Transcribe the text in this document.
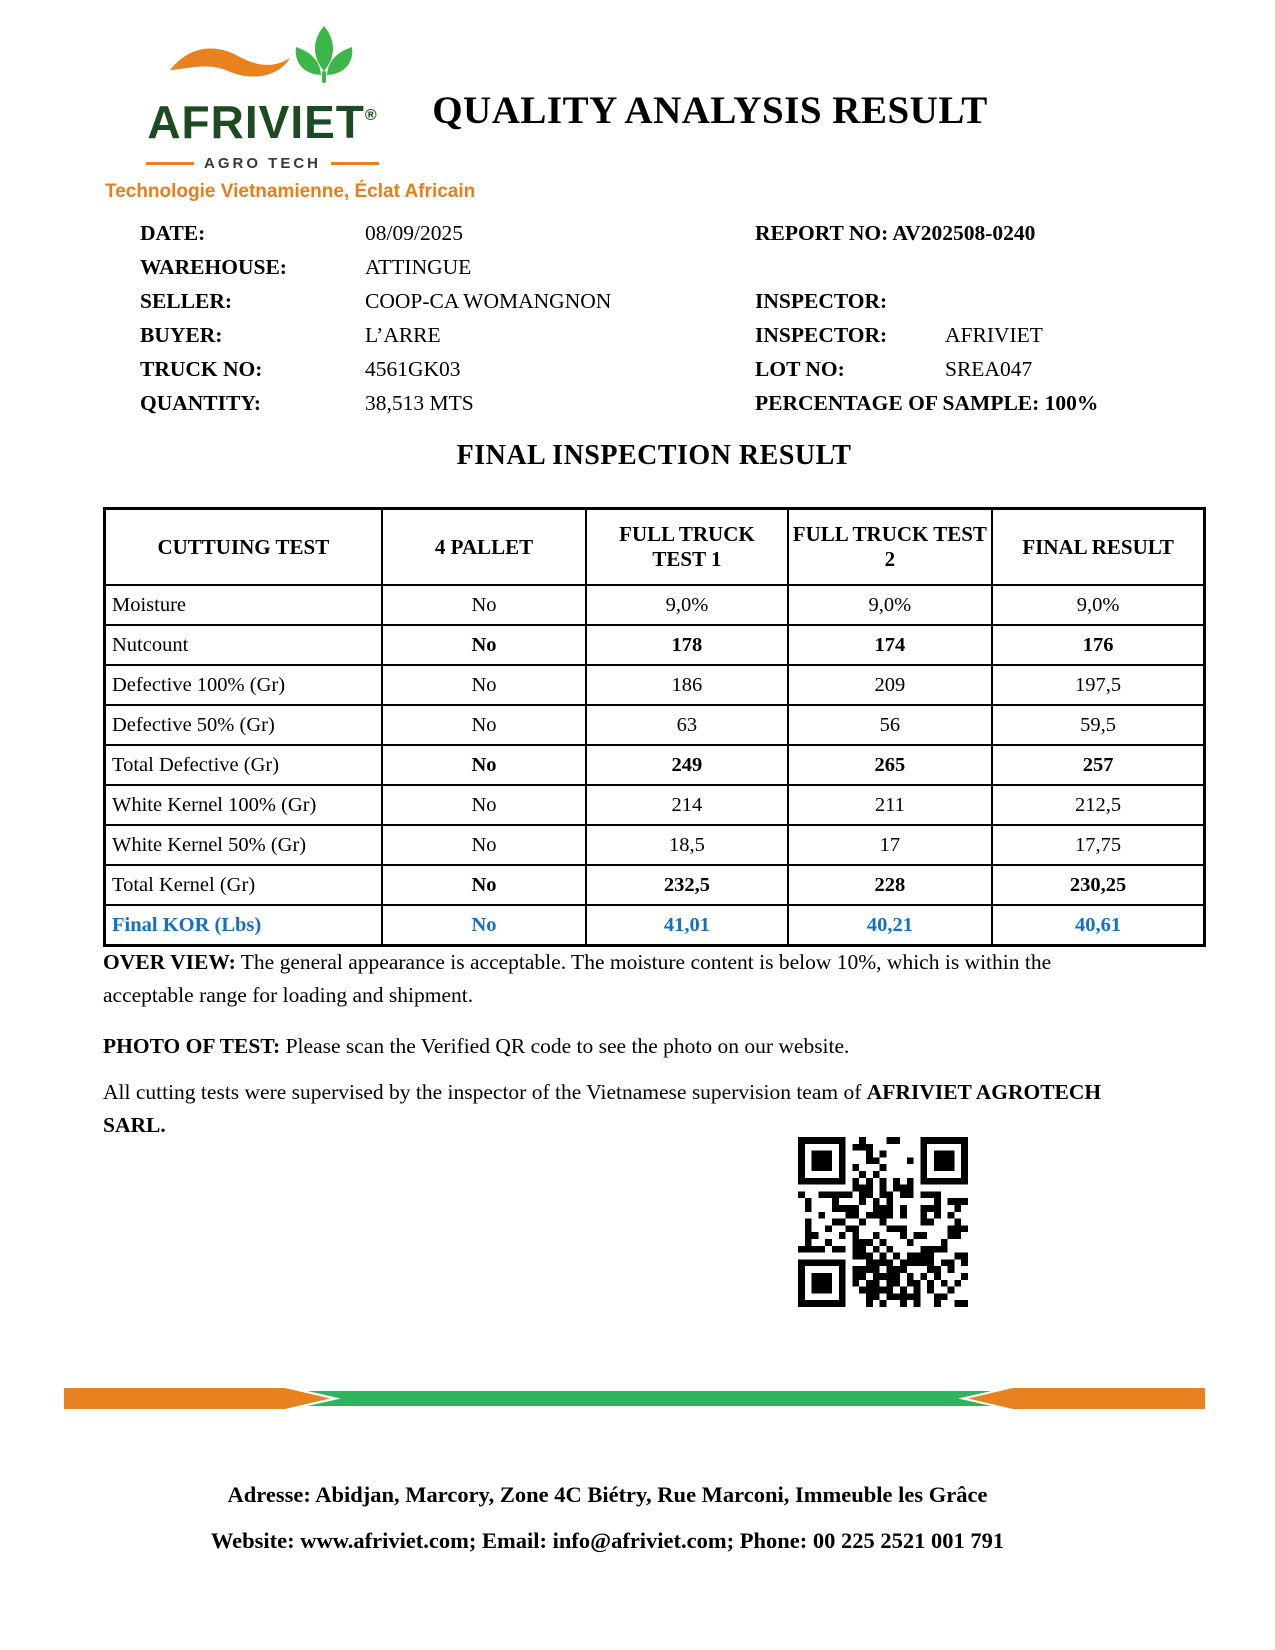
AFRIVIET®
AGRO TECH
Technologie Vietnamienne, Éclat Africain
QUALITY ANALYSIS RESULT
DATE:	08/09/2025
WAREHOUSE:	ATTINGUE
SELLER:	COOP-CA WOMANGNON
BUYER:	L’ARRE
TRUCK NO:	4561GK03
QUANTITY:	38,513 MTS
REPORT NO: AV202508-0240
INSPECTOR:
INSPECTOR:	AFRIVIET
LOT NO:	SREA047
PERCENTAGE OF SAMPLE: 100%
FINAL INSPECTION RESULT
CUTTUING TEST	4 PALLET	FULL TRUCK TEST 1	FULL TRUCK TEST 2	FINAL RESULT
Moisture	No	9,0%	9,0%	9,0%
Nutcount	No	178	174	176
Defective 100% (Gr)	No	186	209	197,5
Defective 50% (Gr)	No	63	56	59,5
Total Defective (Gr)	No	249	265	257
White Kernel 100% (Gr)	No	214	211	212,5
White Kernel 50% (Gr)	No	18,5	17	17,75
Total Kernel (Gr)	No	232,5	228	230,25
Final KOR (Lbs)	No	41,01	40,21	40,61
OVER VIEW: The general appearance is acceptable. The moisture content is below 10%, which is within the acceptable range for loading and shipment.
PHOTO OF TEST: Please scan the Verified QR code to see the photo on our website.
All cutting tests were supervised by the inspector of the Vietnamese supervision team of AFRIVIET AGROTECH SARL.
Adresse: Abidjan, Marcory, Zone 4C Biétry, Rue Marconi, Immeuble les Grâce
Website: www.afriviet.com; Email: info@afriviet.com; Phone: 00 225 2521 001 791
